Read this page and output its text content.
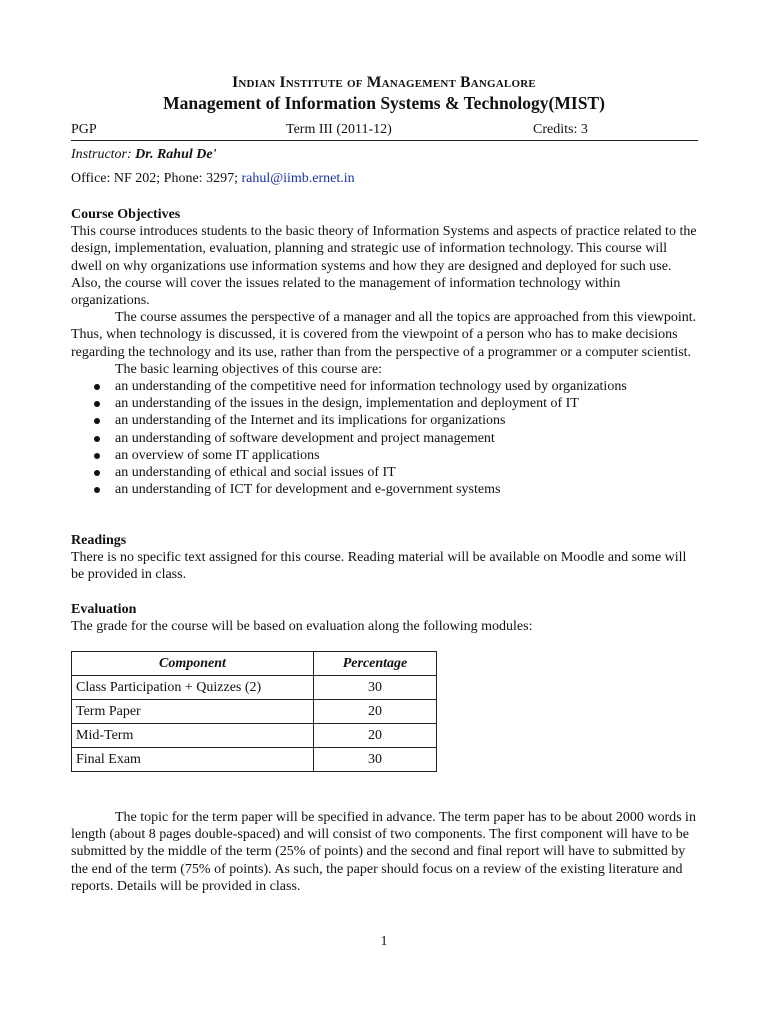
Indian Institute of Management Bangalore
Management of Information Systems & Technology(MIST)
PGP	Term III (2011-12)	Credits: 3
Instructor: Dr. Rahul De'
Office: NF 202; Phone: 3297; rahul@iimb.ernet.in

Course Objectives

This course introduces students to the basic theory of Information Systems and aspects of practice related to the design, implementation, evaluation, planning and strategic use of information technology. This course will dwell on why organizations use information systems and how they are designed and deployed for such use. Also, the course will cover the issues related to the management of information technology within organizations.

The course assumes the perspective of a manager and all the topics are approached from this viewpoint. Thus, when technology is discussed, it is covered from the viewpoint of a person who has to make decisions regarding the technology and its use, rather than from the perspective of a programmer or a computer scientist.

The basic learning objectives of this course are:

an understanding of the competitive need for information technology used by organizations
an understanding of the issues in the design, implementation and deployment of IT
an understanding of the Internet and its implications for organizations
an understanding of software development and project management
an overview of some IT applications
an understanding of ethical and social issues of IT
an understanding of ICT for development and e-government systems

Readings

There is no specific text assigned for this course. Reading material will be available on Moodle and some will be provided in class.

Evaluation

The grade for the course will be based on evaluation along the following modules:

Component	Percentage
Class Participation + Quizzes (2)	30
Term Paper	20
Mid-Term	20
Final Exam	30

The topic for the term paper will be specified in advance. The term paper has to be about 2000 words in length (about 8 pages double-spaced) and will consist of two components. The first component will have to be submitted by the middle of the term (25% of points) and the second and final report will have to submitted by the end of the term (75% of points). As such, the paper should focus on a review of the existing literature and reports. Details will be provided in class.

1
